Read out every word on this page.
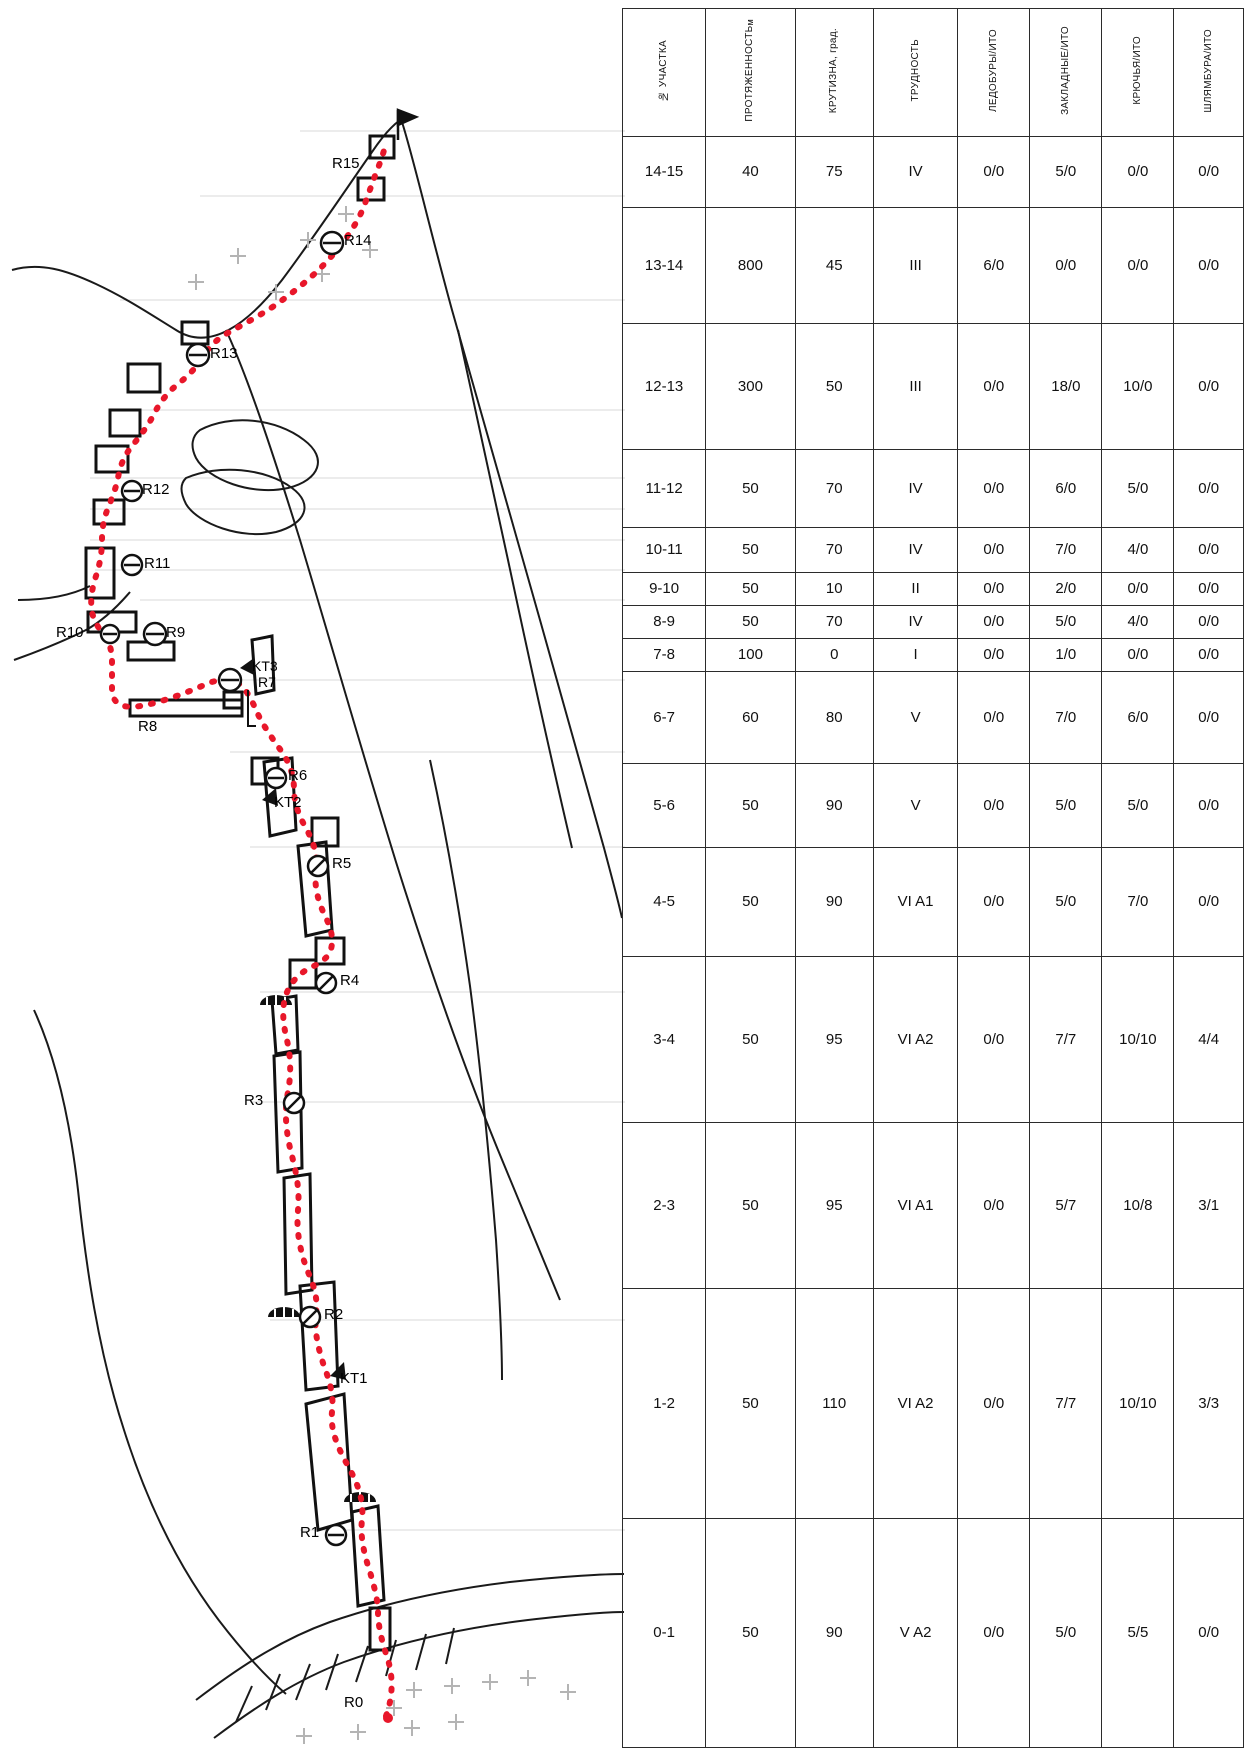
R0
R1
KT1
R2
R3
R4
R5
KT2
R6
R7
KT3
R8
R9
R10
R11
R12
R13
R14
R15
№ УЧАСТКА	ПРОТЯЖЕННОСТЬм	КРУТИЗНА, град.	ТРУДНОСТЬ	ЛЕДОБУРЫ/ИТО	ЗАКЛАДНЫЕ/ИТО	КРЮЧЬЯ/ИТО	ШЛЯМБУРА/ИТО
14-15	40	75	IV	0/0	5/0	0/0	0/0
13-14	800	45	III	6/0	0/0	0/0	0/0
12-13	300	50	III	0/0	18/0	10/0	0/0
11-12	50	70	IV	0/0	6/0	5/0	0/0
10-11	50	70	IV	0/0	7/0	4/0	0/0
9-10	50	10	II	0/0	2/0	0/0	0/0
8-9	50	70	IV	0/0	5/0	4/0	0/0
7-8	100	0	I	0/0	1/0	0/0	0/0
6-7	60	80	V	0/0	7/0	6/0	0/0
5-6	50	90	V	0/0	5/0	5/0	0/0
4-5	50	90	VI A1	0/0	5/0	7/0	0/0
3-4	50	95	VI A2	0/0	7/7	10/10	4/4
2-3	50	95	VI A1	0/0	5/7	10/8	3/1
1-2	50	110	VI A2	0/0	7/7	10/10	3/3
0-1	50	90	V A2	0/0	5/0	5/5	0/0
